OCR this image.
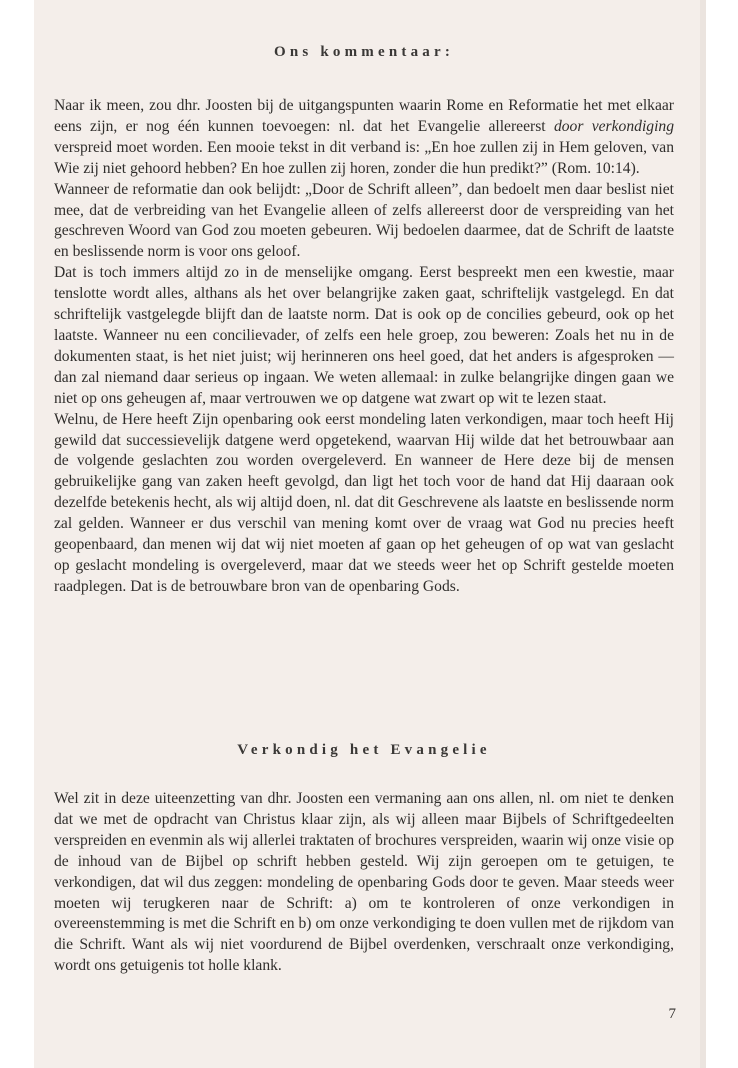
Ons kommentaar:

Naar ik meen, zou dhr. Joosten bij de uitgangspunten waarin Rome en Reformatie het met elkaar eens zijn, er nog één kunnen toevoegen: nl. dat het Evangelie allereerst door verkondiging verspreid moet worden. Een mooie tekst in dit verband is: „En hoe zullen zij in Hem geloven, van Wie zij niet gehoord hebben? En hoe zullen zij horen, zonder die hun predikt?” (Rom. 10:14).

Wanneer de reformatie dan ook belijdt: „Door de Schrift alleen”, dan bedoelt men daar beslist niet mee, dat de verbreiding van het Evangelie alleen of zelfs allereerst door de verspreiding van het geschreven Woord van God zou moeten gebeuren. Wij bedoelen daarmee, dat de Schrift de laatste en beslissende norm is voor ons geloof.

Dat is toch immers altijd zo in de menselijke omgang. Eerst bespreekt men een kwestie, maar tenslotte wordt alles, althans als het over belangrijke zaken gaat, schriftelijk vastgelegd. En dat schriftelijk vastgelegde blijft dan de laatste norm. Dat is ook op de concilies gebeurd, ook op het laatste. Wanneer nu een concilievader, of zelfs een hele groep, zou beweren: Zoals het nu in de dokumenten staat, is het niet juist; wij herinneren ons heel goed, dat het anders is afgesproken — dan zal niemand daar serieus op ingaan. We weten allemaal: in zulke belangrijke dingen gaan we niet op ons geheugen af, maar vertrouwen we op datgene wat zwart op wit te lezen staat.

Welnu, de Here heeft Zijn openbaring ook eerst mondeling laten verkondigen, maar toch heeft Hij gewild dat successievelijk datgene werd opgetekend, waarvan Hij wilde dat het betrouwbaar aan de volgende geslachten zou worden overgeleverd. En wanneer de Here deze bij de mensen gebruikelijke gang van zaken heeft gevolgd, dan ligt het toch voor de hand dat Hij daaraan ook dezelfde betekenis hecht, als wij altijd doen, nl. dat dit Geschrevene als laatste en beslissende norm zal gelden. Wanneer er dus verschil van mening komt over de vraag wat God nu precies heeft geopenbaard, dan menen wij dat wij niet moeten af gaan op het geheugen of op wat van geslacht op geslacht mondeling is overgeleverd, maar dat we steeds weer het op Schrift gestelde moeten raadplegen. Dat is de betrouwbare bron van de openbaring Gods.

Verkondig het Evangelie

Wel zit in deze uiteenzetting van dhr. Joosten een vermaning aan ons allen, nl. om niet te denken dat we met de opdracht van Christus klaar zijn, als wij alleen maar Bijbels of Schriftgedeelten verspreiden en evenmin als wij allerlei traktaten of brochures verspreiden, waarin wij onze visie op de inhoud van de Bijbel op schrift hebben gesteld. Wij zijn geroepen om te getuigen, te verkondigen, dat wil dus zeggen: mondeling de openbaring Gods door te geven. Maar steeds weer moeten wij terugkeren naar de Schrift: a) om te kontroleren of onze verkondigen in overeenstemming is met die Schrift en b) om onze verkondiging te doen vullen met de rijkdom van die Schrift. Want als wij niet voordurend de Bijbel overdenken, verschraalt onze verkondiging, wordt ons getuigenis tot holle klank.

7
